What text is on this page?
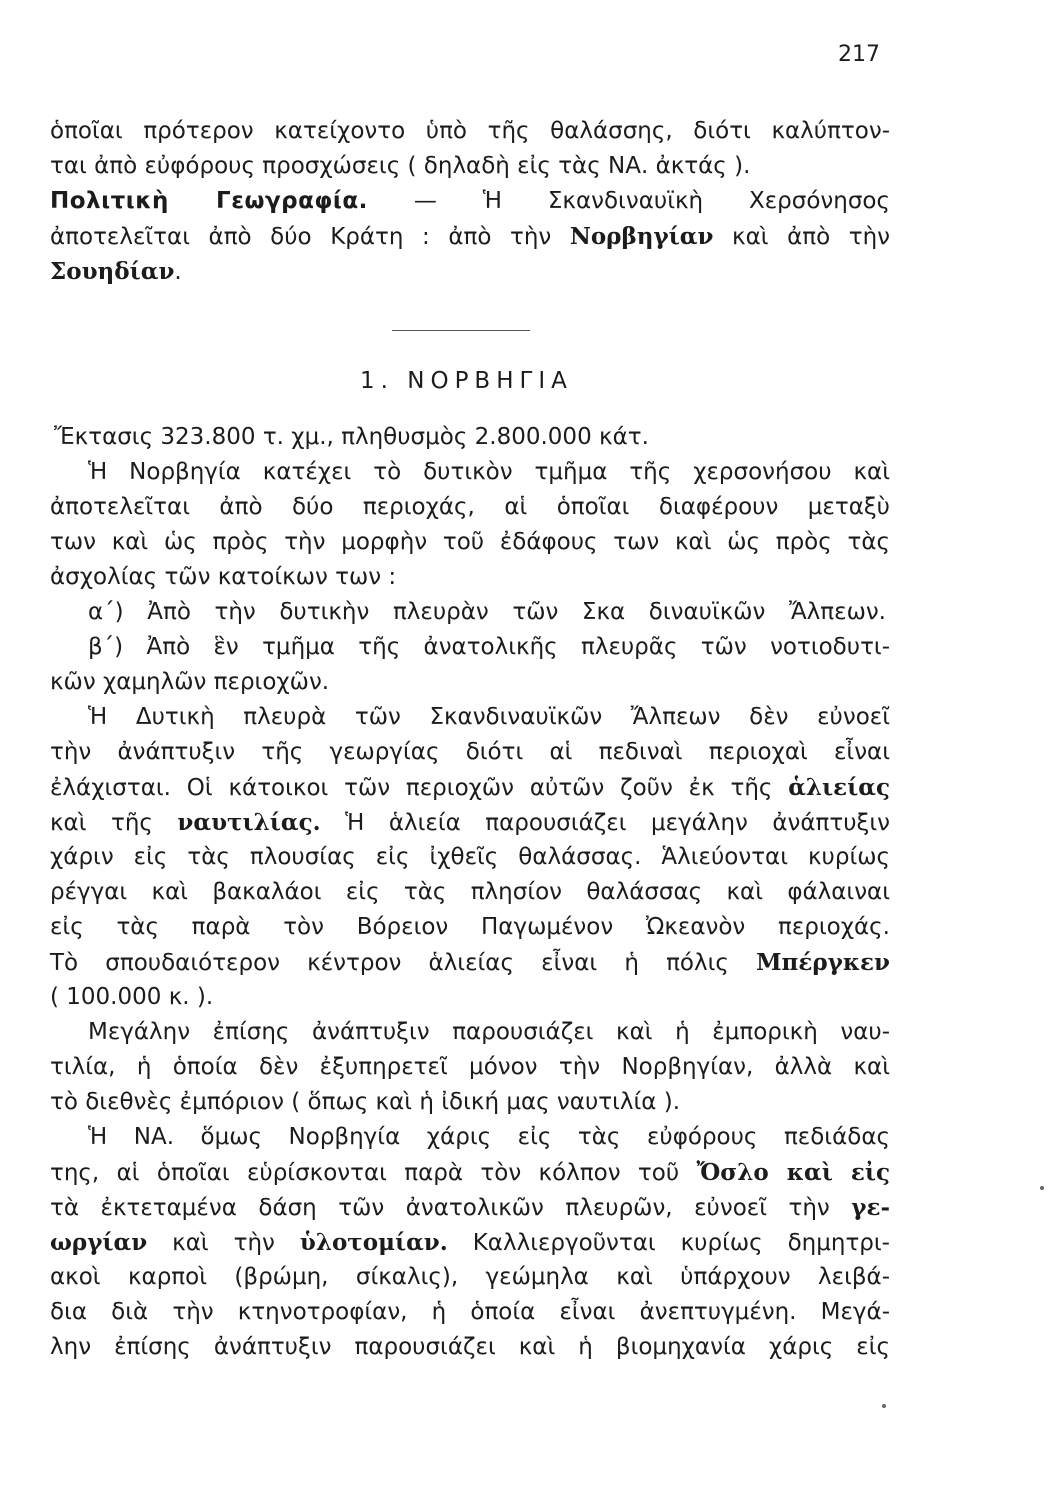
217
ὁποῖαι πρότερον κατείχοντο ὑπὸ τῆς θαλάσσης, διότι καλύπτον-
ται ἀπὸ εὐφόρους προσχώσεις ( δηλαδὴ εἰς τὰς ΝΑ. ἀκτάς ).
Πολιτικὴ Γεωγραφία. — Ἡ Σκανδιναυϊκὴ Χερσόνησος
ἀποτελεῖται ἀπὸ δύο Κράτη : ἀπὸ τὴν Νορβηγίαν καὶ ἀπὸ τὴν
Σουηδίαν.
1. ΝΟΡΒΗΓΙΑ
Ἔκτασις 323.800 τ. χμ., πληθυσμὸς 2.800.000 κάτ.
Ἡ Νορβηγία κατέχει τὸ δυτικὸν τμῆμα τῆς χερσονήσου καὶ
ἀποτελεῖται ἀπὸ δύο περιοχάς, αἱ ὁποῖαι διαφέρουν μεταξὺ
των καὶ ὡς πρὸς τὴν μορφὴν τοῦ ἐδάφους των καὶ ὡς πρὸς τὰς
ἀσχολίας τῶν κατοίκων των :
α΄) Ἀπὸ τὴν δυτικὴν πλευρὰν τῶν Σκα διναυϊκῶν Ἄλπεων.
β΄) Ἀπὸ ἓν τμῆμα τῆς ἀνατολικῆς πλευρᾶς τῶν νοτιοδυτι-
κῶν χαμηλῶν περιοχῶν.
Ἡ Δυτικὴ πλευρὰ τῶν Σκανδιναυϊκῶν Ἄλπεων δὲν εὐνοεῖ
τὴν ἀνάπτυξιν τῆς γεωργίας διότι αἱ πεδιναὶ περιοχαὶ εἶναι
ἐλάχισται. Οἱ κάτοικοι τῶν περιοχῶν αὐτῶν ζοῦν ἐκ τῆς ἁλιείας
καὶ τῆς ναυτιλίας. Ἡ ἁλιεία παρουσιάζει μεγάλην ἀνάπτυξιν
χάριν εἰς τὰς πλουσίας εἰς ἰχθεῖς θαλάσσας. Ἁλιεύονται κυρίως
ρέγγαι καὶ βακαλάοι εἰς τὰς πλησίον θαλάσσας καὶ φάλαιναι
εἰς τὰς παρὰ τὸν Βόρειον Παγωμένον Ὠκεανὸν περιοχάς.
Τὸ σπουδαιότερον κέντρον ἁλιείας εἶναι ἡ πόλις Μπέργκεν
( 100.000 κ. ).
Μεγάλην ἐπίσης ἀνάπτυξιν παρουσιάζει καὶ ἡ ἐμπορικὴ ναυ-
τιλία, ἡ ὁποία δὲν ἐξυπηρετεῖ μόνον τὴν Νορβηγίαν, ἀλλὰ καὶ
τὸ διεθνὲς ἐμπόριον ( ὅπως καὶ ἡ ἰδική μας ναυτιλία ).
Ἡ ΝΑ. ὅμως Νορβηγία χάρις εἰς τὰς εὐφόρους πεδιάδας
της, αἱ ὁποῖαι εὑρίσκονται παρὰ τὸν κόλπον τοῦ Ὄσλο καὶ εἰς
τὰ ἐκτεταμένα δάση τῶν ἀνατολικῶν πλευρῶν, εὐνοεῖ τὴν γε-
ωργίαν καὶ τὴν ὑλοτομίαν. Καλλιεργοῦνται κυρίως δημητρι-
ακοὶ καρποὶ (βρώμη, σίκαλις), γεώμηλα καὶ ὑπάρχουν λειβά-
δια διὰ τὴν κτηνοτροφίαν, ἡ ὁποία εἶναι ἀνεπτυγμένη. Μεγά-
λην ἐπίσης ἀνάπτυξιν παρουσιάζει καὶ ἡ βιομηχανία χάρις εἰς
